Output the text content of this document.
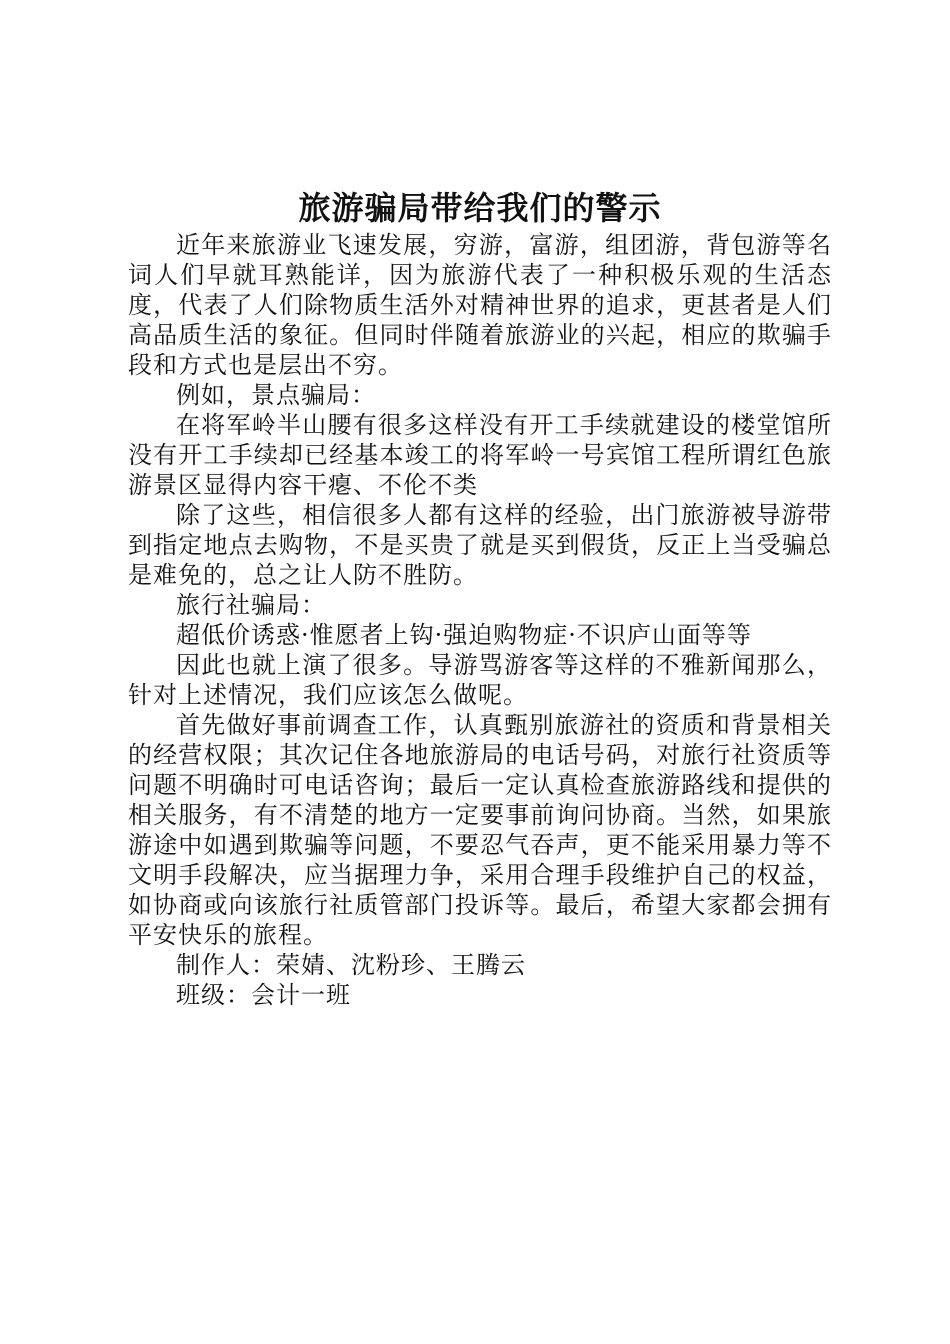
旅游骗局带给我们的警示

近年来旅游业飞速发展，穷游，富游，组团游，背包游等名词人们早就耳熟能详，因为旅游代表了一种积极乐观的生活态度，代表了人们除物质生活外对精神世界的追求，更甚者是人们高品质生活的象征。但同时伴随着旅游业的兴起，相应的欺骗手段和方式也是层出不穷。

例如，景点骗局：

在将军岭半山腰有很多这样没有开工手续就建设的楼堂馆所没有开工手续却已经基本竣工的将军岭一号宾馆工程所谓红色旅游景区显得内容干瘪、不伦不类

除了这些，相信很多人都有这样的经验，出门旅游被导游带到指定地点去购物，不是买贵了就是买到假货，反正上当受骗总是难免的，总之让人防不胜防。

旅行社骗局：

超低价诱惑·惟愿者上钩·强迫购物症·不识庐山面等等

因此也就上演了很多。导游骂游客等这样的不雅新闻那么，针对上述情况，我们应该怎么做呢。

首先做好事前调查工作，认真甄别旅游社的资质和背景相关的经营权限；其次记住各地旅游局的电话号码，对旅行社资质等问题不明确时可电话咨询；最后一定认真检查旅游路线和提供的相关服务，有不清楚的地方一定要事前询问协商。当然，如果旅游途中如遇到欺骗等问题，不要忍气吞声，更不能采用暴力等不文明手段解决，应当据理力争，采用合理手段维护自己的权益，如协商或向该旅行社质管部门投诉等。最后，希望大家都会拥有平安快乐的旅程。

制作人：荣婧、沈粉珍、王腾云

班级：会计一班
